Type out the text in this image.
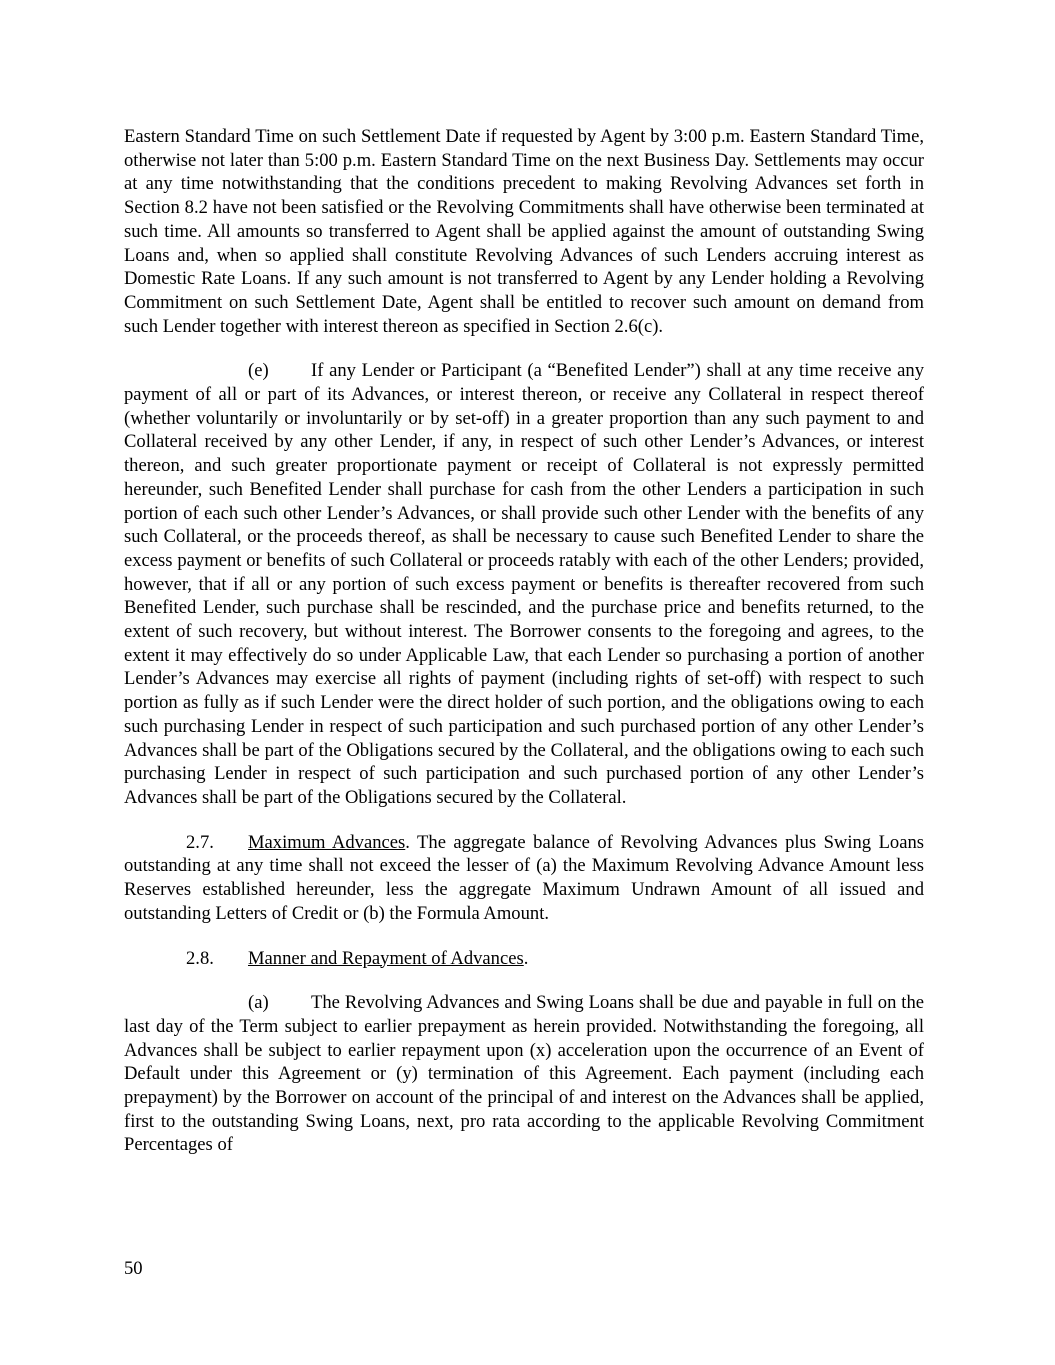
Eastern Standard Time on such Settlement Date if requested by Agent by 3:00 p.m. Eastern Standard Time, otherwise not later than 5:00 p.m. Eastern Standard Time on the next Business Day. Settlements may occur at any time notwithstanding that the conditions precedent to making Revolving Advances set forth in Section 8.2 have not been satisfied or the Revolving Commitments shall have otherwise been terminated at such time. All amounts so transferred to Agent shall be applied against the amount of outstanding Swing Loans and, when so applied shall constitute Revolving Advances of such Lenders accruing interest as Domestic Rate Loans. If any such amount is not transferred to Agent by any Lender holding a Revolving Commitment on such Settlement Date, Agent shall be entitled to recover such amount on demand from such Lender together with interest thereon as specified in Section 2.6(c).

(e) If any Lender or Participant (a “Benefited Lender”) shall at any time receive any payment of all or part of its Advances, or interest thereon, or receive any Collateral in respect thereof (whether voluntarily or involuntarily or by set-off) in a greater proportion than any such payment to and Collateral received by any other Lender, if any, in respect of such other Lender’s Advances, or interest thereon, and such greater proportionate payment or receipt of Collateral is not expressly permitted hereunder, such Benefited Lender shall purchase for cash from the other Lenders a participation in such portion of each such other Lender’s Advances, or shall provide such other Lender with the benefits of any such Collateral, or the proceeds thereof, as shall be necessary to cause such Benefited Lender to share the excess payment or benefits of such Collateral or proceeds ratably with each of the other Lenders; provided, however, that if all or any portion of such excess payment or benefits is thereafter recovered from such Benefited Lender, such purchase shall be rescinded, and the purchase price and benefits returned, to the extent of such recovery, but without interest. The Borrower consents to the foregoing and agrees, to the extent it may effectively do so under Applicable Law, that each Lender so purchasing a portion of another Lender’s Advances may exercise all rights of payment (including rights of set-off) with respect to such portion as fully as if such Lender were the direct holder of such portion, and the obligations owing to each such purchasing Lender in respect of such participation and such purchased portion of any other Lender’s Advances shall be part of the Obligations secured by the Collateral, and the obligations owing to each such purchasing Lender in respect of such participation and such purchased portion of any other Lender’s Advances shall be part of the Obligations secured by the Collateral.

2.7. Maximum Advances. The aggregate balance of Revolving Advances plus Swing Loans outstanding at any time shall not exceed the lesser of (a) the Maximum Revolving Advance Amount less Reserves established hereunder, less the aggregate Maximum Undrawn Amount of all issued and outstanding Letters of Credit or (b) the Formula Amount.

2.8. Manner and Repayment of Advances.

(a) The Revolving Advances and Swing Loans shall be due and payable in full on the last day of the Term subject to earlier prepayment as herein provided. Notwithstanding the foregoing, all Advances shall be subject to earlier repayment upon (x) acceleration upon the occurrence of an Event of Default under this Agreement or (y) termination of this Agreement. Each payment (including each prepayment) by the Borrower on account of the principal of and interest on the Advances shall be applied, first to the outstanding Swing Loans, next, pro rata according to the applicable Revolving Commitment Percentages of

50
